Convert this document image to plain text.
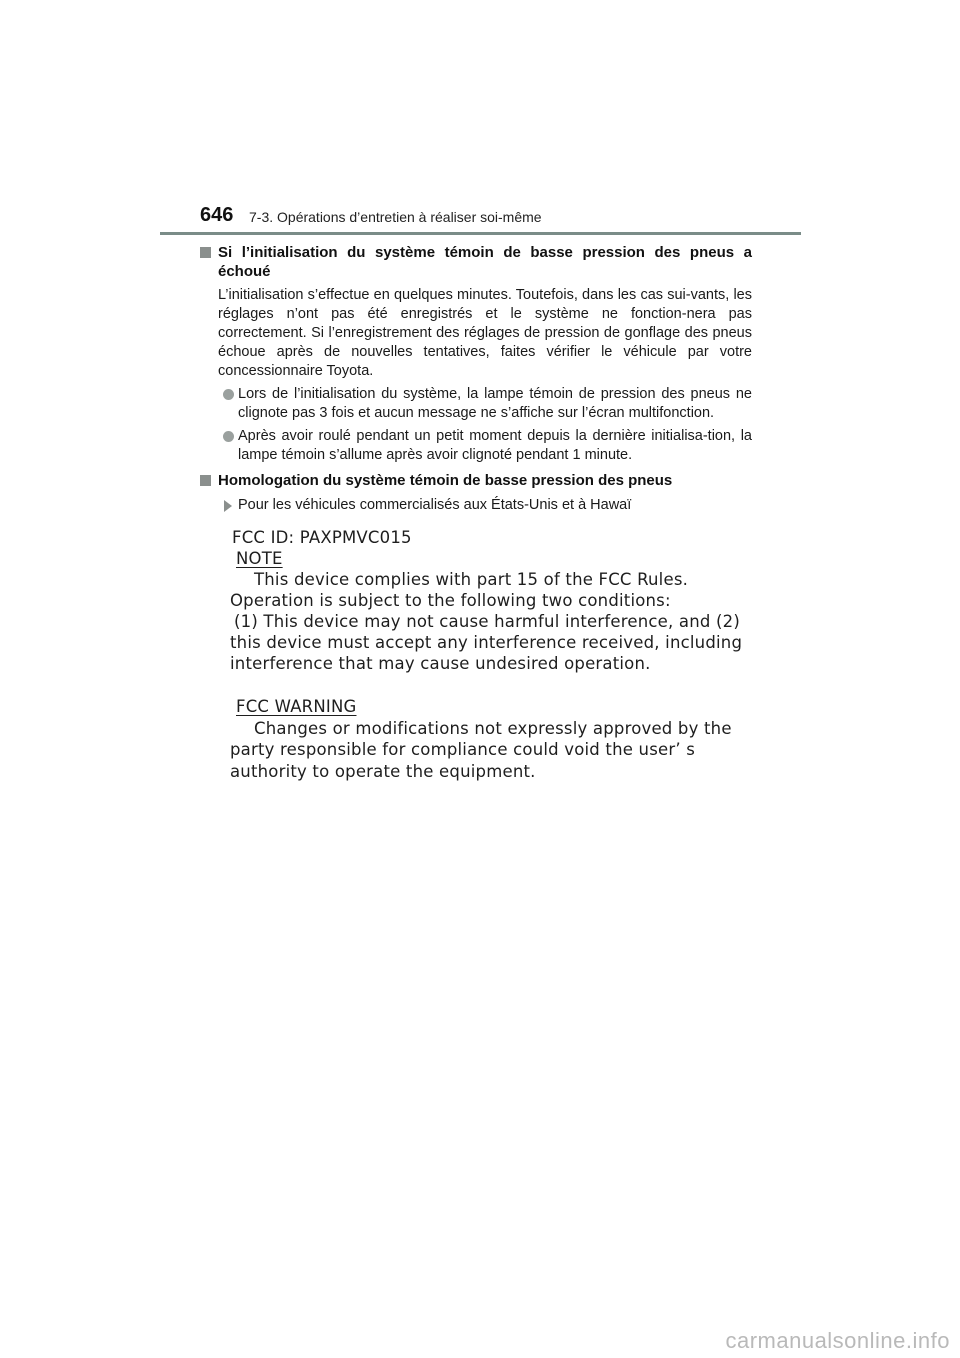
646 7-3. Opérations d’entretien à réaliser soi-même
Si l’initialisation du système témoin de basse pression des pneus a échoué
L’initialisation s’effectue en quelques minutes. Toutefois, dans les cas sui-vants, les réglages n’ont pas été enregistrés et le système ne fonction-nera pas correctement. Si l’enregistrement des réglages de pression de gonflage des pneus échoue après de nouvelles tentatives, faites vérifier le véhicule par votre concessionnaire Toyota.
Lors de l’initialisation du système, la lampe témoin de pression des pneus ne clignote pas 3 fois et aucun message ne s’affiche sur l’écran multifonction.
Après avoir roulé pendant un petit moment depuis la dernière initialisa-tion, la lampe témoin s’allume après avoir clignoté pendant 1 minute.
Homologation du système témoin de basse pression des pneus
Pour les véhicules commercialisés aux États-Unis et à Hawaï
FCC ID: PAXPMVC015
NOTE
This device complies with part 15 of the FCC Rules.
Operation is subject to the following two conditions:
(1) This device may not cause harmful interference, and (2)
this device must accept any interference received, including
interference that may cause undesired operation.
FCC WARNING
Changes or modifications not expressly approved by the
party responsible for compliance could void the user’ s
authority to operate the equipment.
carmanualsonline.info
